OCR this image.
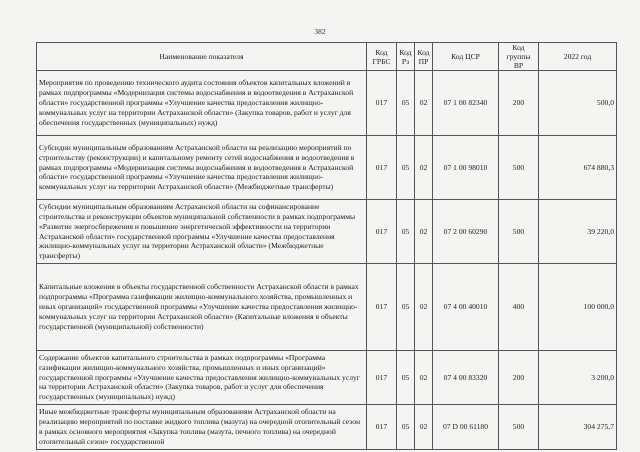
382
Наименование показателя	Код ГРБС	Код Рз	Код ПР	Код ЦСР	Код группы ВР	2022 год
Мероприятия по проведению технического аудита состояния объектов капитальных вложений в рамках подпрограммы «Модернизация системы водоснабжения и водоотведения в Астраханской области» государственной программы «Улучшение качества предоставления жилищно-коммунальных услуг на территории Астраханской области» (Закупка товаров, работ и услуг для обеспечения государственных (муниципальных) нужд)	017	05	02	07 1 00 82340	200	500,0
Субсидии муниципальным образованиям Астраханской области на реализацию мероприятий по строительству (реконструкции) и капитальному ремонту сетей водоснабжения и водоотведения в рамках подпрограммы «Модернизация системы водоснабжения и водоотведения в Астраханской области» государственной программы «Улучшение качества предоставления жилищно-коммунальных услуг на территории Астраханской области» (Межбюджетные трансферты)	017	05	02	07 1 00 98010	500	674 880,3
Субсидии муниципальным образованиям Астраханской области на софинансирование строительства и реконструкции объектов муниципальной собственности в рамках подпрограммы «Развитие энергосбережения и повышение энергетической эффективности на территории Астраханской области» государственной программы «Улучшение качества предоставления жилищно-коммунальных услуг на территории Астраханской области» (Межбюджетные трансферты)	017	05	02	07 2 00 60290	500	39 220,0
Капитальные вложения в объекты государственной собственности Астраханской области в рамках подпрограммы «Программа газификации жилищно-коммунального хозяйства, промышленных и иных организаций» государственной программы «Улучшение качества предоставления жилищно-коммунальных услуг на территории Астраханской области» (Капитальные вложения в объекты государственной (муниципальной) собственности)	017	05	02	07 4 00 40010	400	100 000,0
Содержание объектов капитального строительства в рамках подпрограммы «Программа газификации жилищно-коммунального хозяйства, промышленных и иных организаций» государственной программы «Улучшение качества предоставления жилищно-коммунальных услуг на территории Астраханской области» (Закупка товаров, работ и услуг для обеспечения государственных (муниципальных) нужд)	017	05	02	07 4 00 83320	200	3 200,0
Иные межбюджетные трансферты муниципальным образованиям Астраханской области на реализацию мероприятий по поставке жидкого топлива (мазута) на очередной отопительный сезон в рамках основного мероприятия «Закупка топлива (мазута, печного топлива) на очередной отопительный сезон» государственной	017	05	02	07 D 00 61180	500	304 275,7
